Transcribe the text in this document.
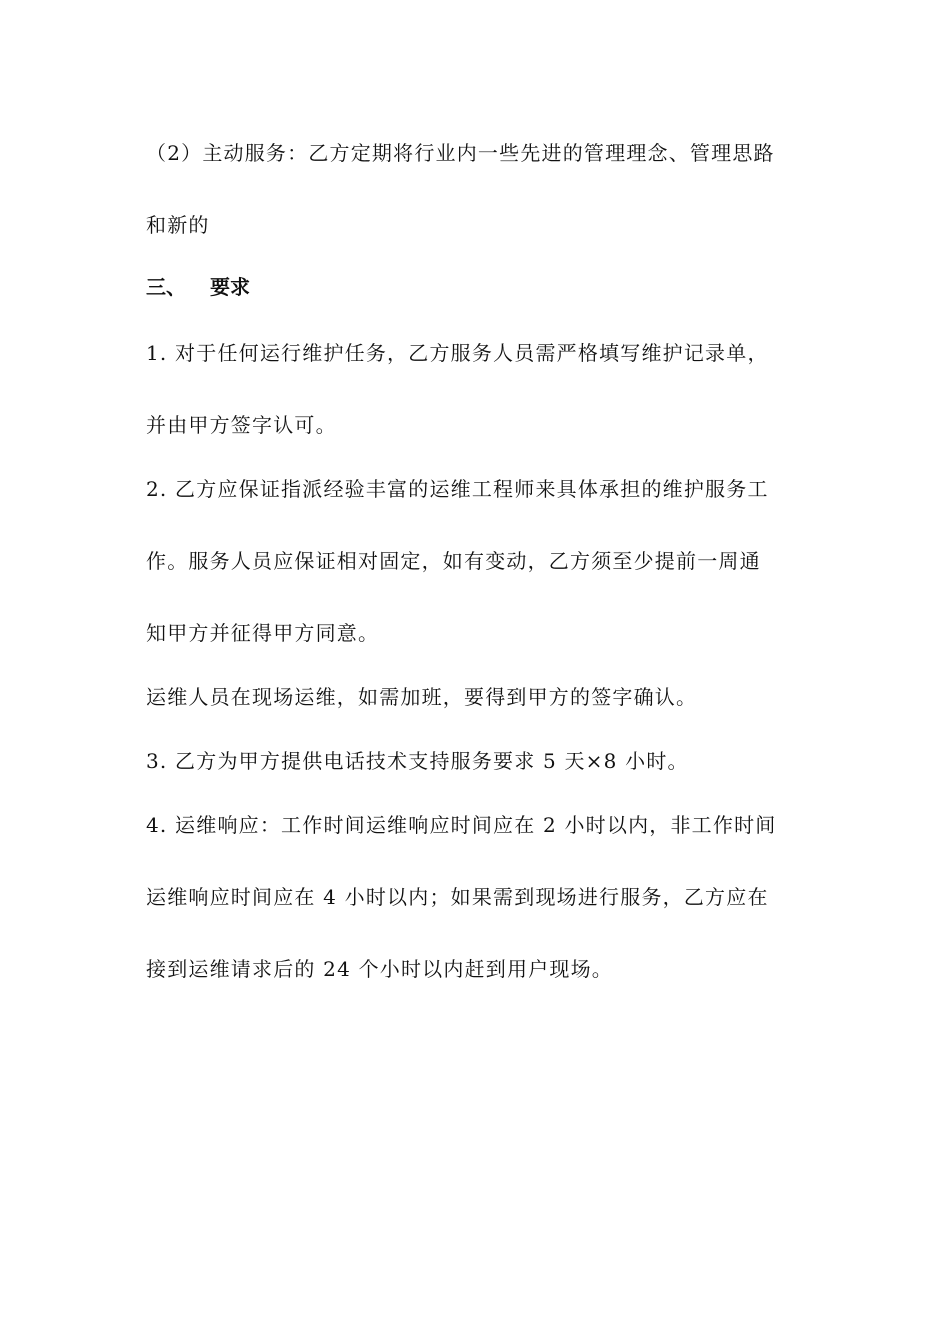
（2）主动服务：乙方定期将行业内一些先进的管理理念、管理思路

和新的

三、 要求

1. 对于任何运行维护任务，乙方服务人员需严格填写维护记录单，

并由甲方签字认可。

2. 乙方应保证指派经验丰富的运维工程师来具体承担的维护服务工

作。服务人员应保证相对固定，如有变动，乙方须至少提前一周通

知甲方并征得甲方同意。

运维人员在现场运维，如需加班，要得到甲方的签字确认。

3. 乙方为甲方提供电话技术支持服务要求 5 天×8 小时。

4. 运维响应：工作时间运维响应时间应在 2 小时以内，非工作时间

运维响应时间应在 4 小时以内；如果需到现场进行服务，乙方应在

接到运维请求后的 24 个小时以内赶到用户现场。
